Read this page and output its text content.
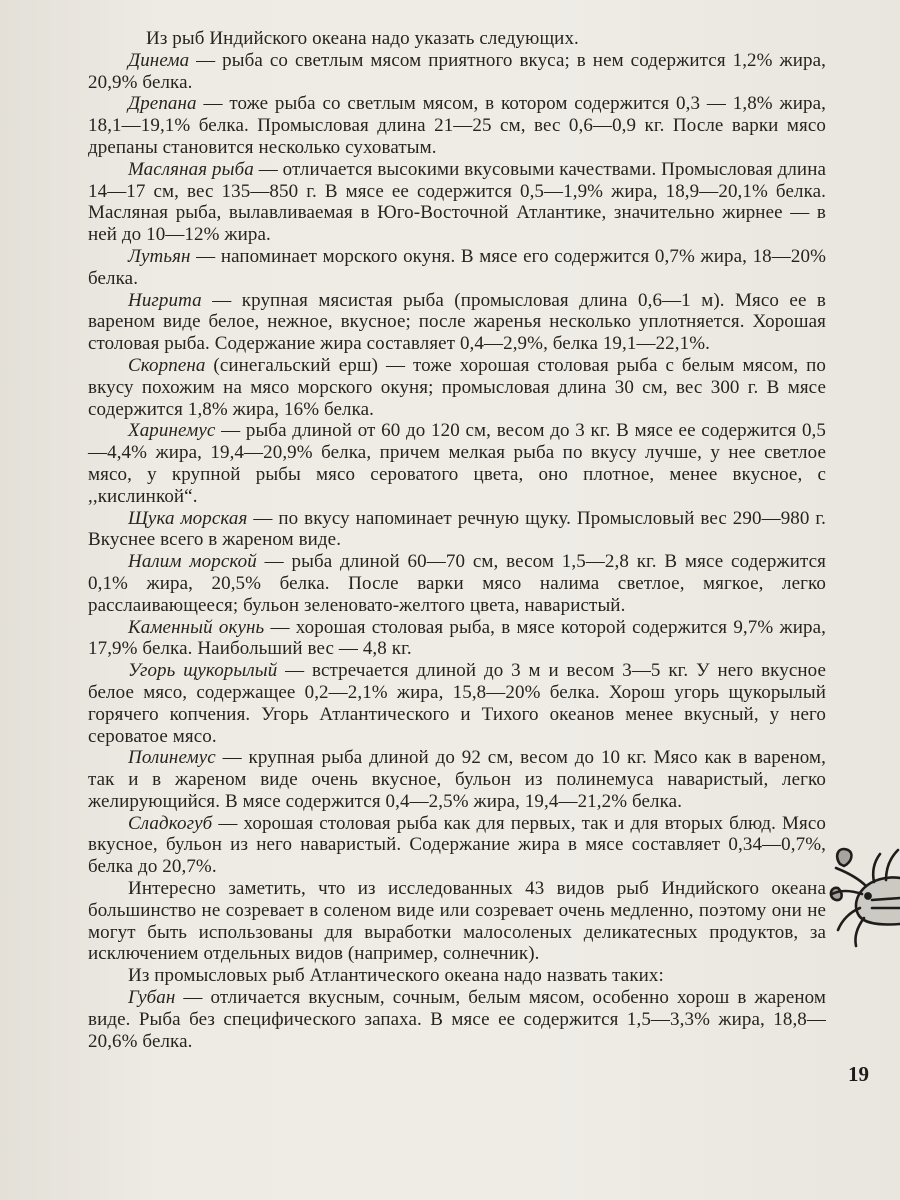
Из рыб Индийского океана надо указать следующих.

Динема — рыба со светлым мясом приятного вкуса; в нем содержится 1,2% жира, 20,9% белка.

Дрепана — тоже рыба со светлым мясом, в котором содержится 0,3 — 1,8% жира, 18,1—19,1% белка. Промысловая длина 21—25 см, вес 0,6—0,9 кг. После варки мясо дрепаны становится несколько суховатым.

Масляная рыба — отличается высокими вкусовыми качествами. Промысловая длина 14—17 см, вес 135—850 г. В мясе ее содержится 0,5—1,9% жира, 18,9—20,1% белка. Масляная рыба, вылавливаемая в Юго-Восточной Атлантике, значительно жирнее — в ней до 10—12% жира.

Лутьян — напоминает морского окуня. В мясе его содержится 0,7% жира, 18—20% белка.

Нигрита — крупная мясистая рыба (промысловая длина 0,6—1 м). Мясо ее в вареном виде белое, нежное, вкусное; после жаренья несколько уплотняется. Хорошая столовая рыба. Содержание жира составляет 0,4—2,9%, белка 19,1—22,1%.

Скорпена (синегальский ерш) — тоже хорошая столовая рыба с белым мясом, по вкусу похожим на мясо морского окуня; промысловая длина 30 см, вес 300 г. В мясе содержится 1,8% жира, 16% белка.

Харинемус — рыба длиной от 60 до 120 см, весом до 3 кг. В мясе ее содержится 0,5—4,4% жира, 19,4—20,9% белка, причем мелкая рыба по вкусу лучше, у нее светлое мясо, у крупной рыбы мясо сероватого цвета, оно плотное, менее вкусное, с ,,кислинкой“.

Щука морская — по вкусу напоминает речную щуку. Промысловый вес 290—980 г. Вкуснее всего в жареном виде.

Налим морской — рыба длиной 60—70 см, весом 1,5—2,8 кг. В мясе содержится 0,1% жира, 20,5% белка. После варки мясо налима светлое, мягкое, легко расслаивающееся; бульон зеленовато-желтого цвета, наваристый.

Каменный окунь — хорошая столовая рыба, в мясе которой содержится 9,7% жира, 17,9% белка. Наибольший вес — 4,8 кг.

Угорь щукорылый — встречается длиной до 3 м и весом 3—5 кг. У него вкусное белое мясо, содержащее 0,2—2,1% жира, 15,8—20% белка. Хорош угорь щукорылый горячего копчения. Угорь Атлантического и Тихого океанов менее вкусный, у него сероватое мясо.

Полинемус — крупная рыба длиной до 92 см, весом до 10 кг. Мясо как в вареном, так и в жареном виде очень вкусное, бульон из полинемуса наваристый, легко желирующийся. В мясе содержится 0,4—2,5% жира, 19,4—21,2% белка.

Сладкогуб — хорошая столовая рыба как для первых, так и для вторых блюд. Мясо вкусное, бульон из него наваристый. Содержание жира в мясе составляет 0,34—0,7%, белка до 20,7%.

Интересно заметить, что из исследованных 43 видов рыб Индийского океана большинство не созревает в соленом виде или созревает очень медленно, поэтому они не могут быть использованы для выработки малосоленых деликатесных продуктов, за исключением отдельных видов (например, солнечник).

Из промысловых рыб Атлантического океана надо назвать таких:

Губан — отличается вкусным, сочным, белым мясом, особенно хорош в жареном виде. Рыба без специфического запаха. В мясе ее содержится 1,5—3,3% жира, 18,8—20,6% белка.

19
